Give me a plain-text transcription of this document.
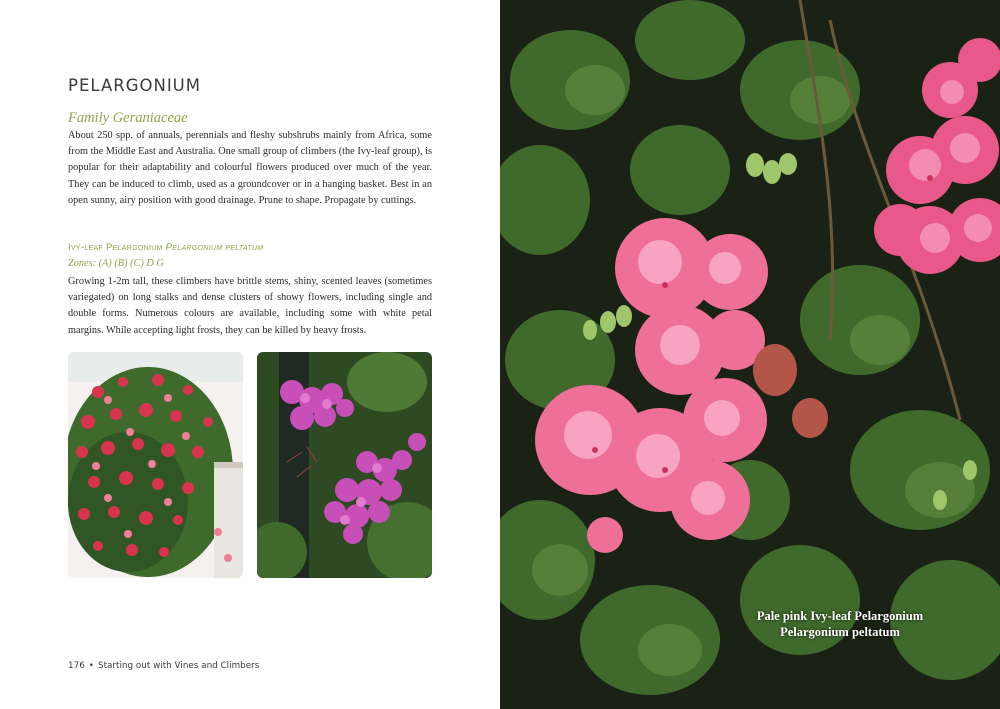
PELARGONIUM
Family Geraniaceae

About 250 spp. of annuals, perennials and fleshy subshrubs mainly from Africa, some from the Middle East and Australia. One small group of climbers (the Ivy-leaf group), is popular for their adaptability and colourful flowers produced over much of the year. They can be induced to climb, used as a groundcover or in a hanging basket. Best in an open sunny, airy position with good drainage. Prune to shape. Propagate by cuttings.

Ivy-leaf Pelargonium Pelargonium peltatum
Zones: (A) (B) (C) D G

Growing 1-2m tall, these climbers have brittle stems, shiny, scented leaves (sometimes variegated) on long stalks and dense clusters of showy flowers, including single and double forms. Numerous colours are available, including some with white petal margins. While accepting light frosts, they can be killed by heavy frosts.

176 • Starting out with Vines and Climbers
Pale pink Ivy-leaf Pelargonium
Pelargonium peltatum
